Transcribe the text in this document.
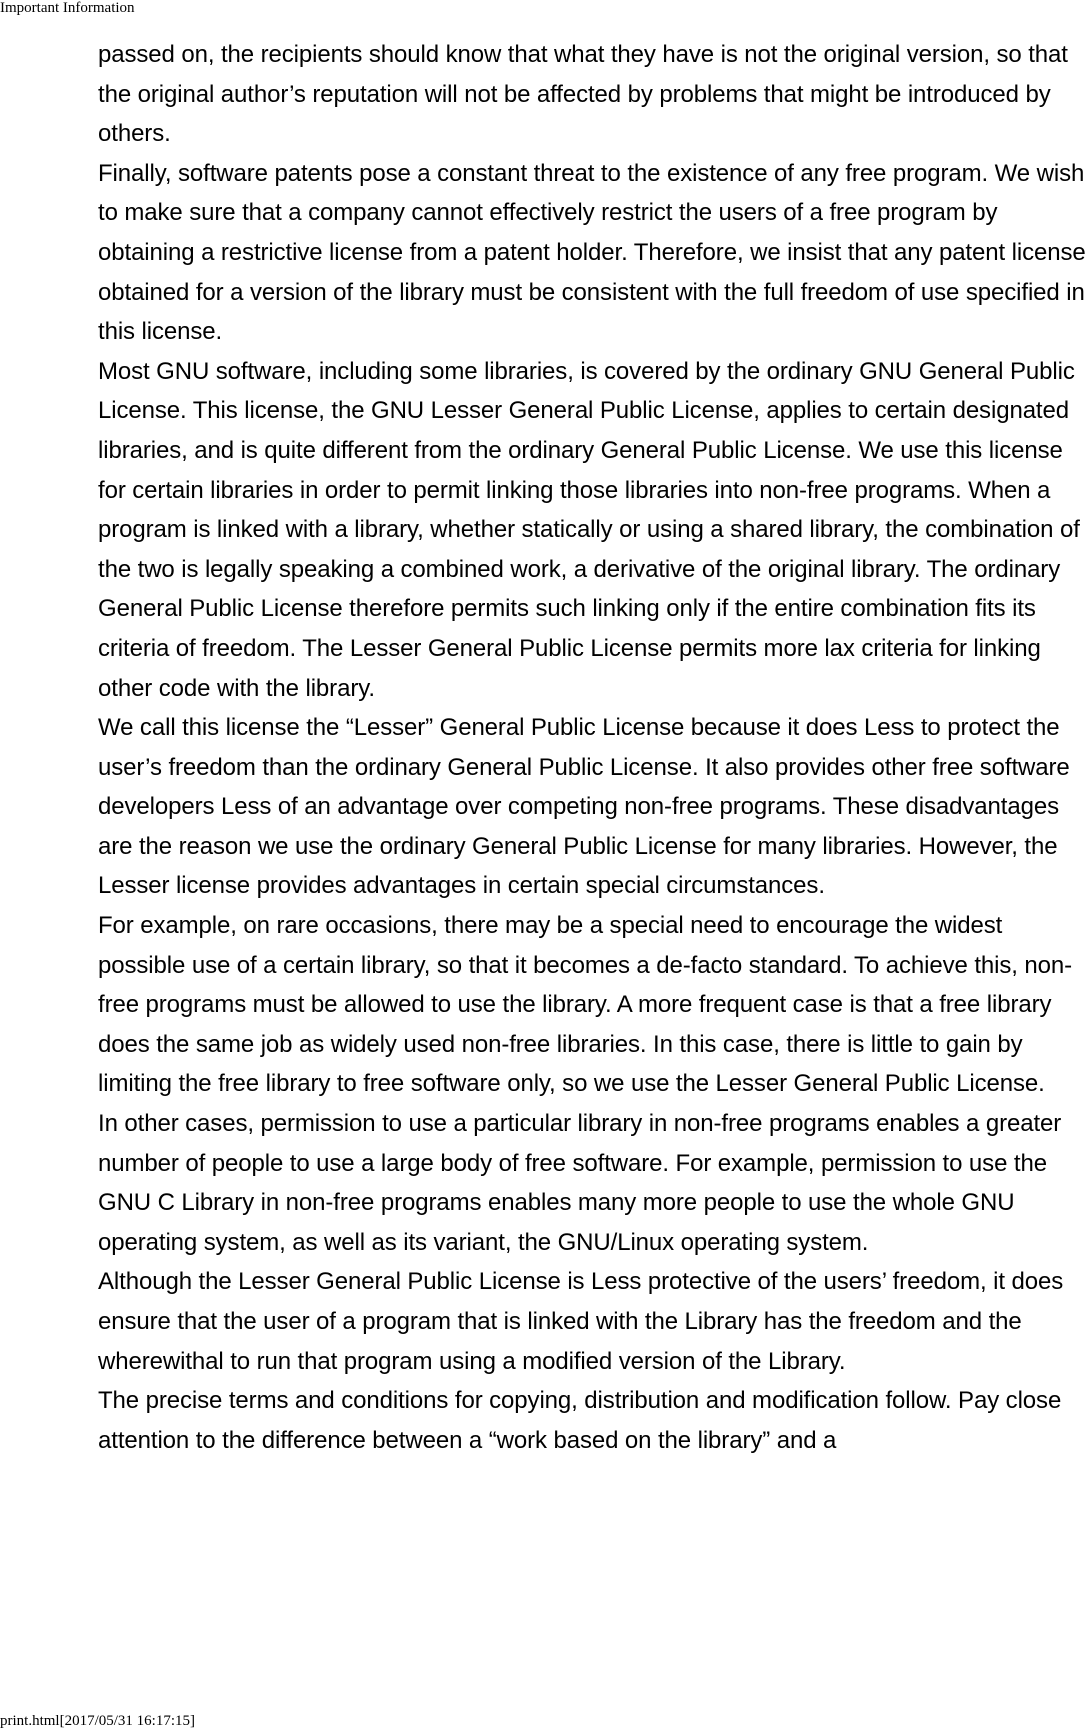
Important Information

passed on, the recipients should know that what they have is not the original version, so that the original author’s reputation will not be affected by problems that might be introduced by others.

Finally, software patents pose a constant threat to the existence of any free program. We wish to make sure that a company cannot effectively restrict the users of a free program by obtaining a restrictive license from a patent holder. Therefore, we insist that any patent license obtained for a version of the library must be consistent with the full freedom of use specified in this license.

Most GNU software, including some libraries, is covered by the ordinary GNU General Public License. This license, the GNU Lesser General Public License, applies to certain designated libraries, and is quite different from the ordinary General Public License. We use this license for certain libraries in order to permit linking those libraries into non-free programs. When a program is linked with a library, whether statically or using a shared library, the combination of the two is legally speaking a combined work, a derivative of the original library. The ordinary General Public License therefore permits such linking only if the entire combination fits its criteria of freedom. The Lesser General Public License permits more lax criteria for linking other code with the library.

We call this license the “Lesser” General Public License because it does Less to protect the user’s freedom than the ordinary General Public License. It also provides other free software developers Less of an advantage over competing non-free programs. These disadvantages are the reason we use the ordinary General Public License for many libraries. However, the Lesser license provides advantages in certain special circumstances.

For example, on rare occasions, there may be a special need to encourage the widest possible use of a certain library, so that it becomes a de-facto standard. To achieve this, non-free programs must be allowed to use the library. A more frequent case is that a free library does the same job as widely used non-free libraries. In this case, there is little to gain by limiting the free library to free software only, so we use the Lesser General Public License.

In other cases, permission to use a particular library in non-free programs enables a greater number of people to use a large body of free software. For example, permission to use the GNU C Library in non-free programs enables many more people to use the whole GNU operating system, as well as its variant, the GNU/Linux operating system.

Although the Lesser General Public License is Less protective of the users’ freedom, it does ensure that the user of a program that is linked with the Library has the freedom and the wherewithal to run that program using a modified version of the Library.

The precise terms and conditions for copying, distribution and modification follow. Pay close attention to the difference between a “work based on the library” and a

print.html[2017/05/31 16:17:15]
